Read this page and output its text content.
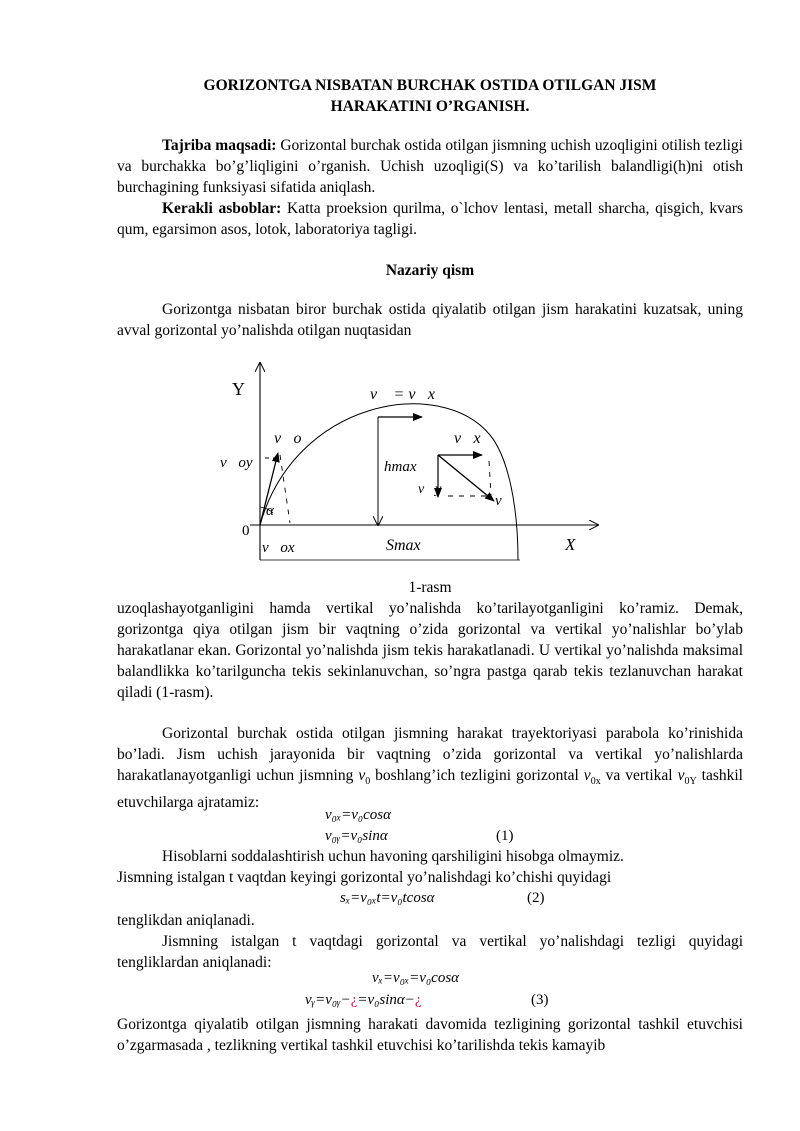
GORIZONTGA NISBATAN BURCHAK OSTIDA OTILGAN JISM
HARAKATINI O’RGANISH.

Tajriba maqsadi: Gorizontal burchak ostida otilgan jismning uchish uzoqligini otilish tezligi va burchakka bo’g’liqligini o’rganish. Uchish uzoqligi(S) va ko’tarilish balandligi(h)ni otish burchagining funksiyasi sifatida aniqlash.

Kerakli asboblar: Katta proeksion qurilma, o`lchov lentasi, metall sharcha, qisgich, kvars qum, egarsimon asos, lotok, laboratoriya tagligi.

Nazariy qism

Gorizontga nisbatan biror burchak ostida qiyalatib otilgan jism harakatini kuzatsak, uning avval gorizontal yo’nalishda otilgan nuqtasidan

Y
X
0
v⃗o
v⃗oy
v⃗ox
α
v⃗ = v⃗x
hmax
Smax
v⃗x
v⃗y
v⃗
1-rasm

uzoqlashayotganligini hamda vertikal yo’nalishda ko’tarilayotganligini ko’ramiz. Demak, gorizontga qiya otilgan jism bir vaqtning o’zida gorizontal va vertikal yo’nalishlar bo’ylab harakatlanar ekan. Gorizontal yo’nalishda jism tekis harakatlanadi. U vertikal yo’nalishda maksimal balandlikka ko’tarilguncha tekis sekinlanuvchan, so’ngra pastga qarab tekis tezlanuvchan harakat qiladi (1-rasm).

Gorizontal burchak ostida otilgan jismning harakat trayektoriyasi parabola ko’rinishida bo’ladi. Jism uchish jarayonida bir vaqtning o’zida gorizontal va vertikal yo’nalishlarda harakatlanayotganligi uchun jismning $v_0$ boshlang’ich tezligini gorizontal $v_{0x}$ va vertikal $v_{0Y}$ tashkil etuvchilarga ajratamiz:

v₀ₓ=v₀cosα
v₀ᵧ=v₀sinα	(1)

Hisoblarni soddalashtirish uchun havoning qarshiligini hisobga olmaymiz.

Jismning istalgan t vaqtdan keyingi gorizontal yo’nalishdagi ko’chishi quyidagi

sₓ=v₀ₓt=v₀tcosα	(2)

tenglikdan aniqlanadi.

Jismning istalgan t vaqtdagi gorizontal va vertikal yo’nalishdagi tezligi quyidagi tengliklardan aniqlanadi:

vₓ=v₀ₓ=v₀cosα
vᵧ=v₀ᵧ−¿=v₀sinα−¿	(3)

Gorizontga qiyalatib otilgan jismning harakati davomida tezligining gorizontal tashkil etuvchisi o’zgarmasada , tezlikning vertikal tashkil etuvchisi ko’tarilishda tekis kamayib
